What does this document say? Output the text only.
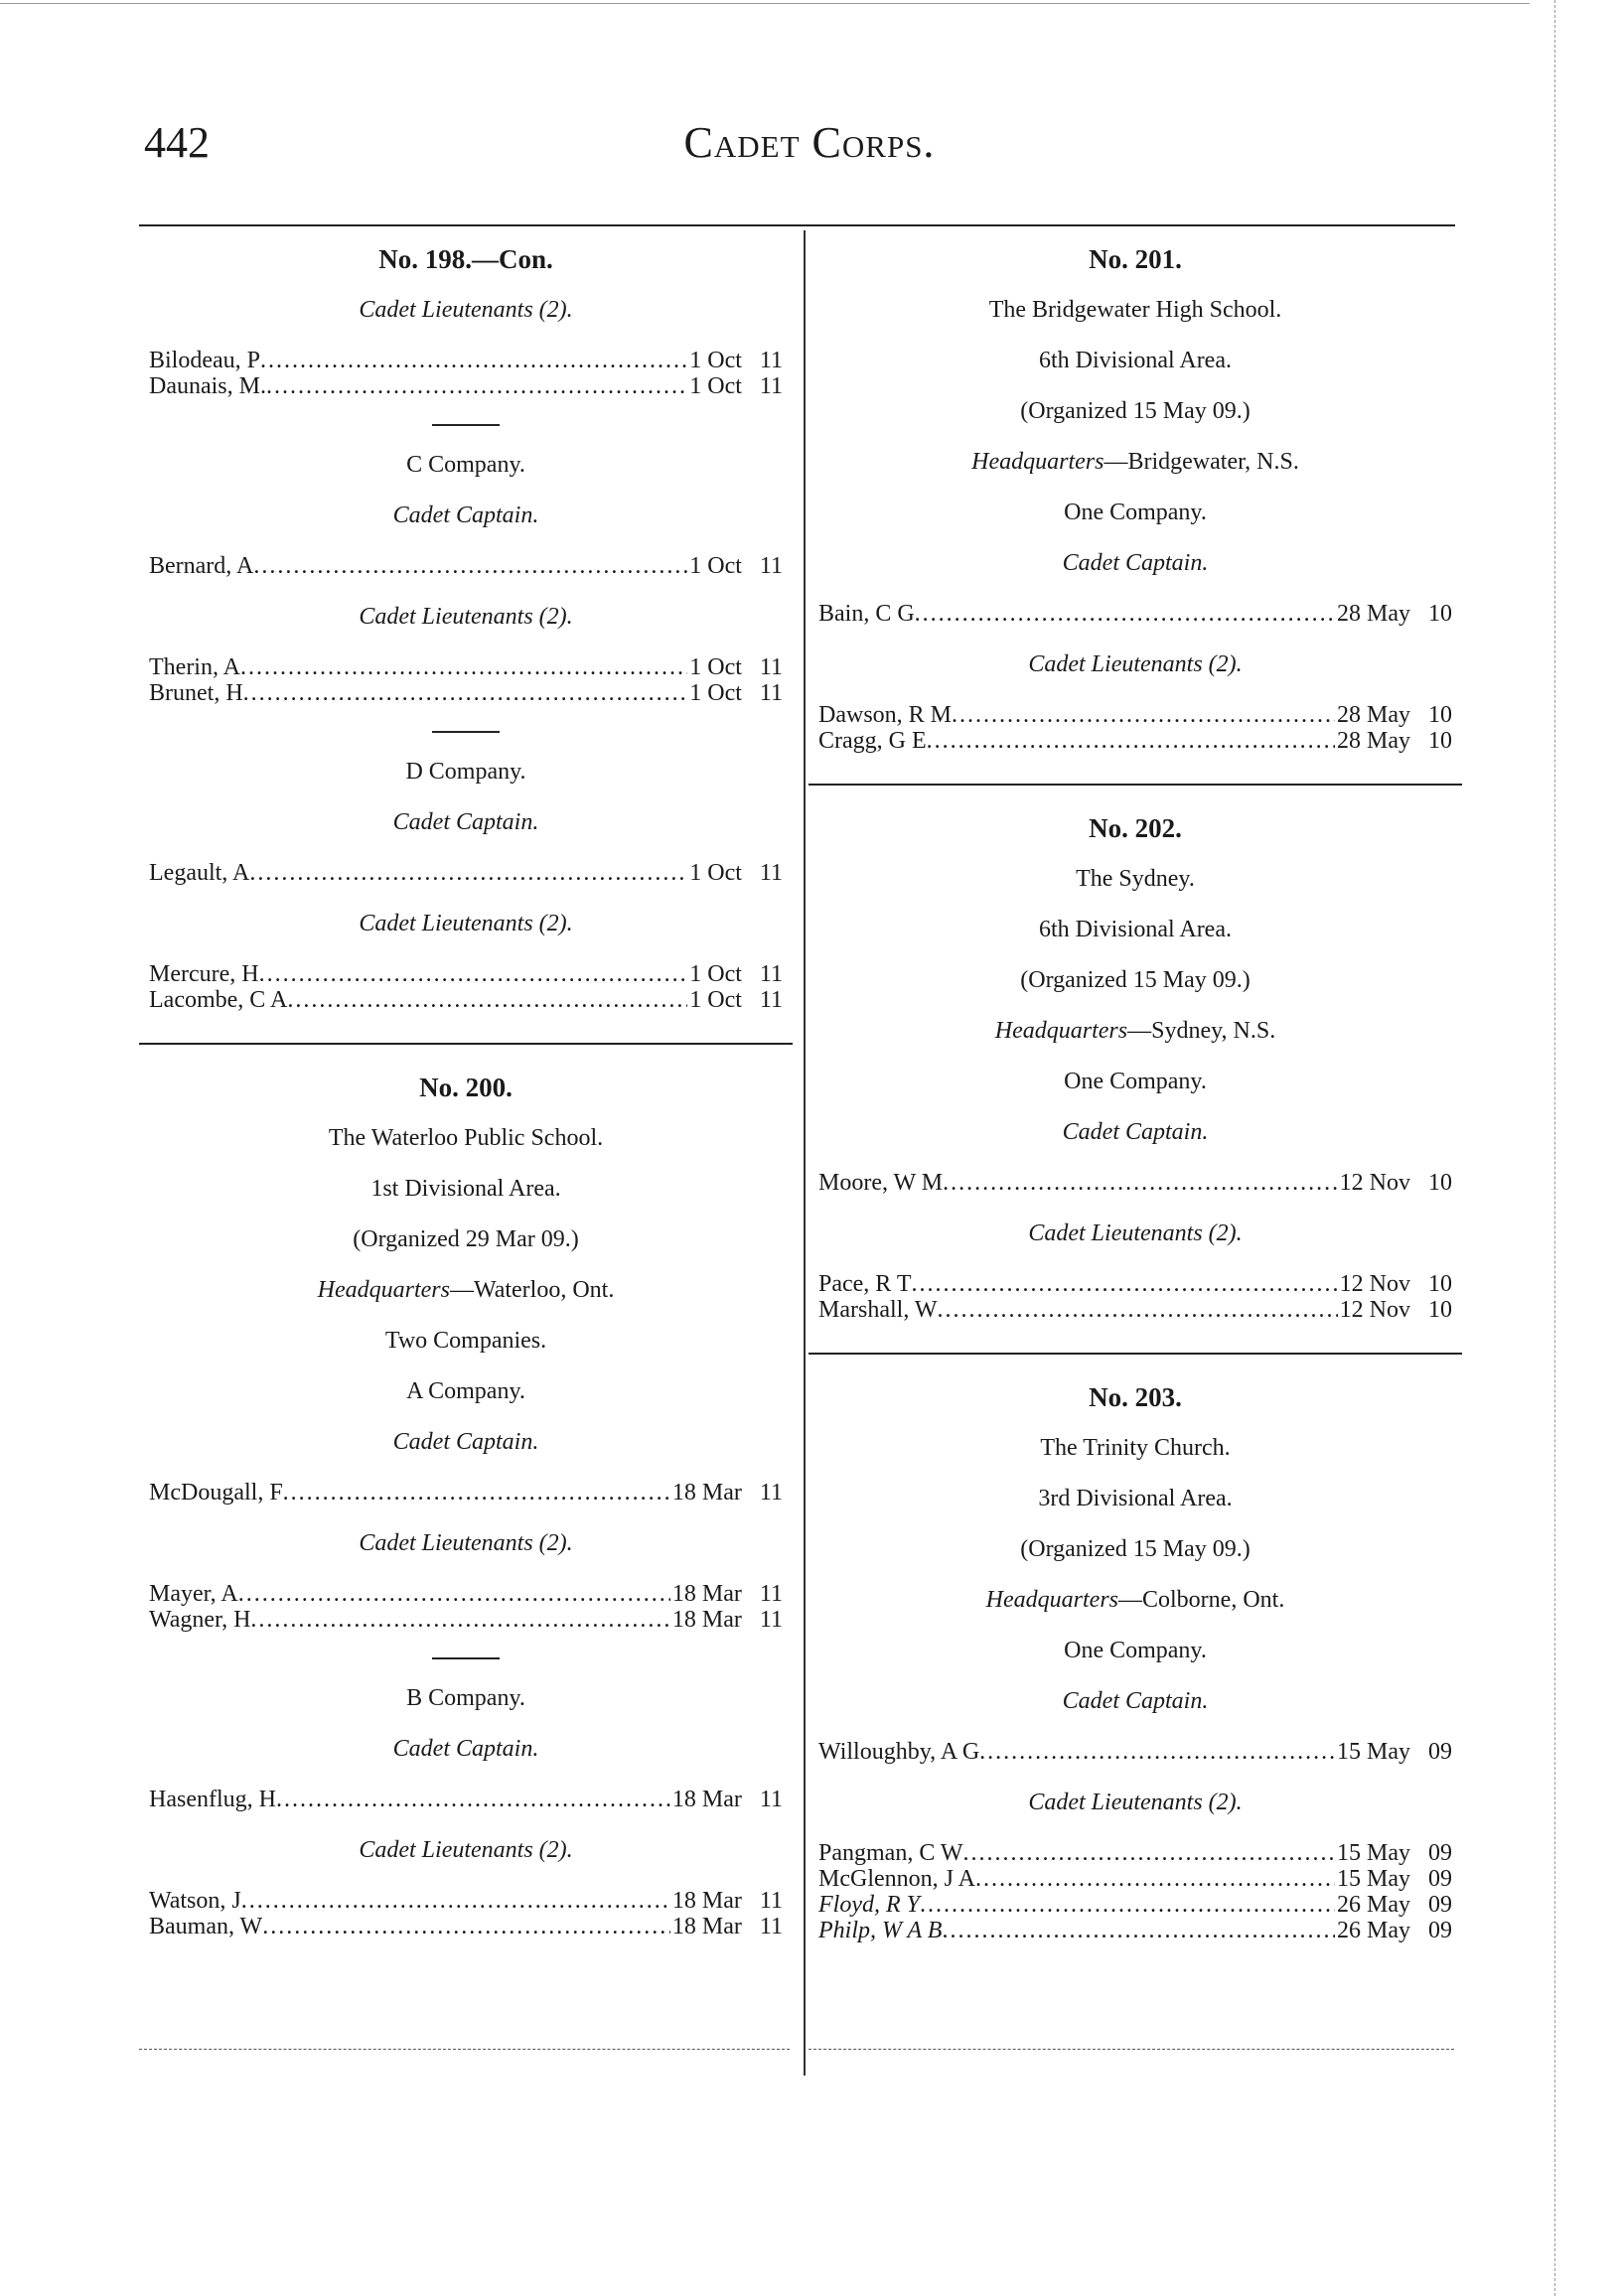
442	Cadet Corps.
No. 198.—Con.
Cadet Lieutenants (2).
Bilodeau, P .....	1 Oct 11
Daunais, M. .....	1 Oct 11
C Company.
Cadet Captain.
Bernard, A .....	1 Oct 11
Cadet Lieutenants (2).
Therin, A .....	1 Oct 11
Brunet, H .....	1 Oct 11
D Company.
Cadet Captain.
Legault, A .....	1 Oct 11
Cadet Lieutenants (2).
Mercure, H .....	1 Oct 11
Lacombe, C A .....	1 Oct 11
No. 200.
The Waterloo Public School.
1st Divisional Area.
(Organized 29 Mar 09.)
Headquarters—Waterloo, Ont.
Two Companies.
A Company.
Cadet Captain.
McDougall, F .....	18 Mar 11
Cadet Lieutenants (2).
Mayer, A .....	18 Mar 11
Wagner, H .....	18 Mar 11
B Company.
Cadet Captain.
Hasenflug, H .....	18 Mar 11
Cadet Lieutenants (2).
Watson, J .....	18 Mar 11
Bauman, W .....	18 Mar 11
No. 201.
The Bridgewater High School.
6th Divisional Area.
(Organized 15 May 09.)
Headquarters—Bridgewater, N.S.
One Company.
Cadet Captain.
Bain, C G .....	28 May 10
Cadet Lieutenants (2).
Dawson, R M .....	28 May 10
Cragg, G E .....	28 May 10
No. 202.
The Sydney.
6th Divisional Area.
(Organized 15 May 09.)
Headquarters—Sydney, N.S.
One Company.
Cadet Captain.
Moore, W M .....	12 Nov 10
Cadet Lieutenants (2).
Pace, R T .....	12 Nov 10
Marshall, W .....	12 Nov 10
No. 203.
The Trinity Church.
3rd Divisional Area.
(Organized 15 May 09.)
Headquarters—Colborne, Ont.
One Company.
Cadet Captain.
Willoughby, A G .....	15 May 09
Cadet Lieutenants (2).
Pangman, C W .....	15 May 09
McGlennon, J A .....	15 May 09
Floyd, R Y .....	26 May 09
Philp, W A B .....	26 May 09
